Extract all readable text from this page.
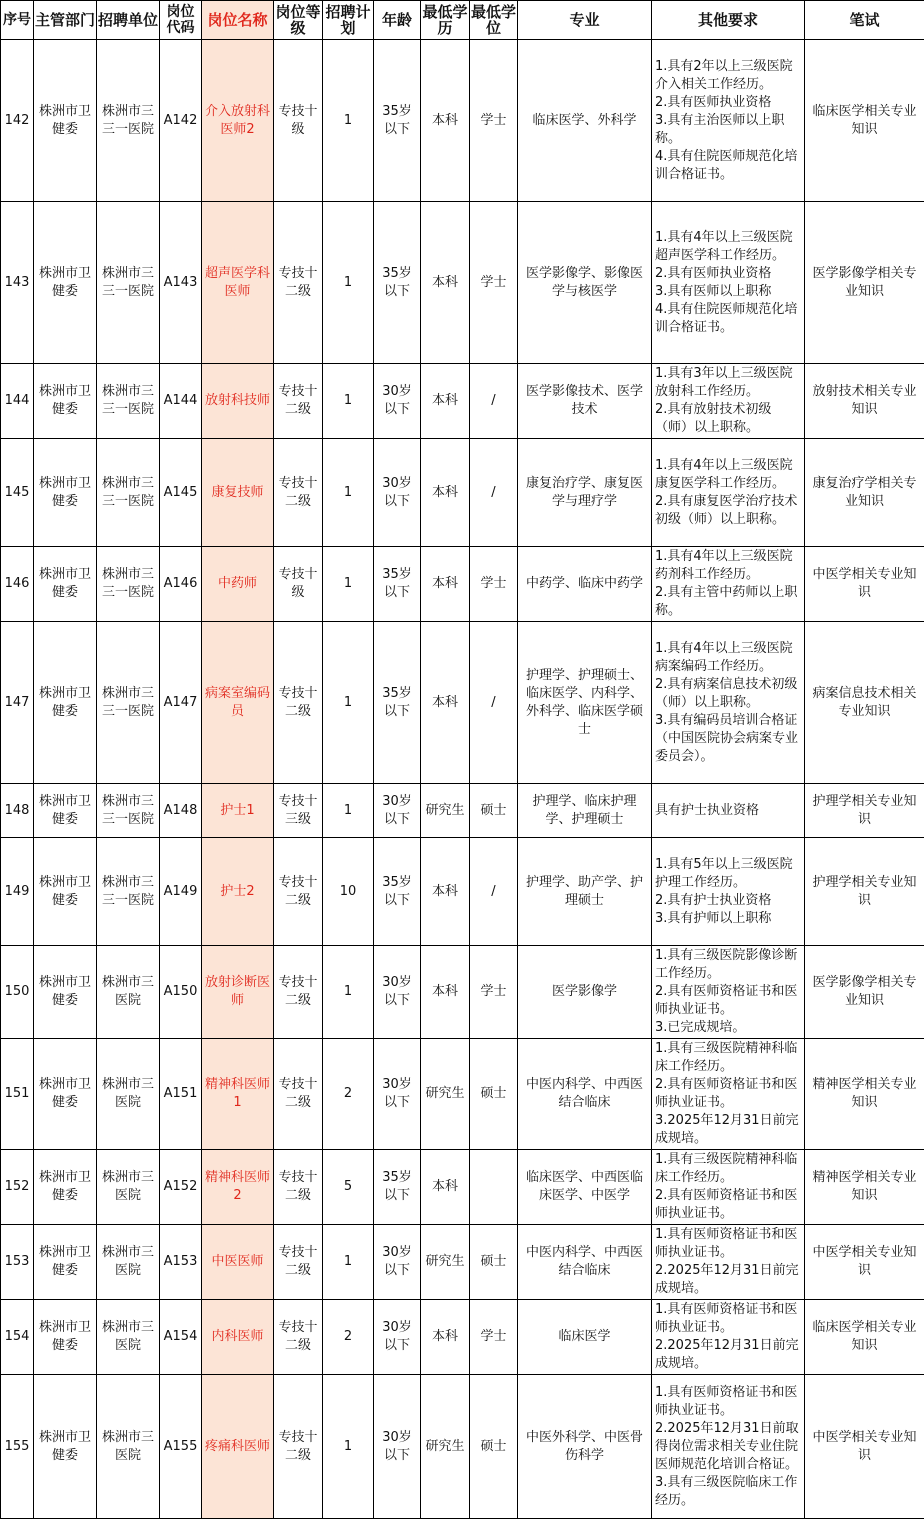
序号	主管部门	招聘单位	岗位代码	岗位名称	岗位等级	招聘计划	年龄	最低学历	最低学位	专业	其他要求	笔试
142	株洲市卫健委	株洲市三三一医院	A142	介入放射科医师2	专技十级	1	35岁以下	本科	学士	临床医学、外科学	1.具有2年以上三级医院介入相关工作经历。
2.具有医师执业资格
3.具有主治医师以上职称。
4.具有住院医师规范化培训合格证书。	临床医学相关专业知识
143	株洲市卫健委	株洲市三三一医院	A143	超声医学科医师	专技十二级	1	35岁以下	本科	学士	医学影像学、影像医学与核医学	1.具有4年以上三级医院超声医学科工作经历。
2.具有医师执业资格
3.具有医师以上职称
4.具有住院医师规范化培训合格证书。	医学影像学相关专业知识
144	株洲市卫健委	株洲市三三一医院	A144	放射科技师	专技十二级	1	30岁以下	本科	/	医学影像技术、医学技术	1.具有3年以上三级医院放射科工作经历。
2.具有放射技术初级（师）以上职称。	放射技术相关专业知识
145	株洲市卫健委	株洲市三三一医院	A145	康复技师	专技十二级	1	30岁以下	本科	/	康复治疗学、康复医学与理疗学	1.具有4年以上三级医院康复医学科工作经历。
2.具有康复医学治疗技术初级（师）以上职称。	康复治疗学相关专业知识
146	株洲市卫健委	株洲市三三一医院	A146	中药师	专技十级	1	35岁以下	本科	学士	中药学、临床中药学	1.具有4年以上三级医院药剂科工作经历。
2.具有主管中药师以上职称。	中医学相关专业知识
147	株洲市卫健委	株洲市三三一医院	A147	病案室编码员	专技十二级	1	35岁以下	本科	/	护理学、护理硕士、临床医学、内科学、外科学、临床医学硕士	1.具有4年以上三级医院病案编码工作经历。
2.具有病案信息技术初级（师）以上职称。
3.具有编码员培训合格证（中国医院协会病案专业委员会）。	病案信息技术相关专业知识
148	株洲市卫健委	株洲市三三一医院	A148	护士1	专技十三级	1	30岁以下	研究生	硕士	护理学、临床护理学、护理硕士	具有护士执业资格	护理学相关专业知识
149	株洲市卫健委	株洲市三三一医院	A149	护士2	专技十二级	10	35岁以下	本科	/	护理学、助产学、护理硕士	1.具有5年以上三级医院护理工作经历。
2.具有护士执业资格
3.具有护师以上职称	护理学相关专业知识
150	株洲市卫健委	株洲市三医院	A150	放射诊断医师	专技十二级	1	30岁以下	本科	学士	医学影像学	1.具有三级医院影像诊断工作经历。
2.具有医师资格证书和医师执业证书。
3.已完成规培。	医学影像学相关专业知识
151	株洲市卫健委	株洲市三医院	A151	精神科医师1	专技十二级	2	30岁以下	研究生	硕士	中医内科学、中西医结合临床	1.具有三级医院精神科临床工作经历。
2.具有医师资格证书和医师执业证书。
3.2025年12月31日前完成规培。	精神医学相关专业知识
152	株洲市卫健委	株洲市三医院	A152	精神科医师2	专技十二级	5	35岁以下	本科		临床医学、中西医临床医学、中医学	1.具有三级医院精神科临床工作经历。
2.具有医师资格证书和医师执业证书。	精神医学相关专业知识
153	株洲市卫健委	株洲市三医院	A153	中医医师	专技十二级	1	30岁以下	研究生	硕士	中医内科学、中西医结合临床	1.具有医师资格证书和医师执业证书。
2.2025年12月31日前完成规培。	中医学相关专业知识
154	株洲市卫健委	株洲市三医院	A154	内科医师	专技十二级	2	30岁以下	本科	学士	临床医学	1.具有医师资格证书和医师执业证书。
2.2025年12月31日前完成规培。	临床医学相关专业知识
155	株洲市卫健委	株洲市三医院	A155	疼痛科医师	专技十二级	1	30岁以下	研究生	硕士	中医外科学、中医骨伤科学	1.具有医师资格证书和医师执业证书。
2.2025年12月31日前取得岗位需求相关专业住院医师规范化培训合格证。
3.具有三级医院临床工作经历。	中医学相关专业知识
